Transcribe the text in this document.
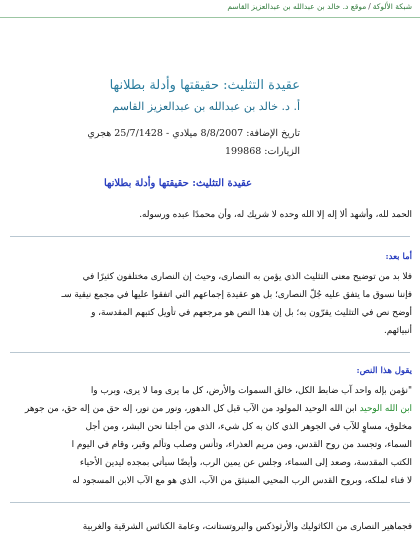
شبكة الألوكة/موقع د. خالد بن عبدالله بن عبدالعزيز القاسم
عقيدة التثليث: حقيقتها وأدلة بطلانها
أ. د. خالد بن عبدالله بن عبدالعزيز القاسم
تاريخ الإضافة: 8/8/2007 ميلادي - 25/7/1428 هجري
الزيارات: 199868
عقيدة التثليث: حقيقتها وأدلة بطلانها

الحمد لله، وأشهد ألا إله إلا الله وحده لا شريك له، وأن محمدًا عبده ورسوله.

أما بعد:

فلا بد من توضيح معنى التثليث الذي يؤمن به النصارى، وحيث إن النصارى مختلفون كثيرًا في

فإننا نسوق ما يتفق عليه جُلّ النصارى؛ بل هو عقيدة إجماعهم التي اتفقوا عليها في مجمع نيقية سـ

أوضح نص في التثليث يقرّون به؛ بل إن هذا النص هو مرجعهم في تأويل كتبهم المقدسة، و

أنبيائهم.

يقول هذا النص:

"نؤمن بإله واحد آب ضابط الكل، خالق السموات والأرض، كل ما يرى وما لا يرى، وبرب وا

ابن الله الوحيد ابن الله الوحيد المولود من الآب قبل كل الدهور، ونور من نور، إله حق من إله حق، من جوهر

مخلوق، مساوٍ للآب في الجوهر الذي كان به كل شيء، الذي من أجلنا نحن البشر، ومن أجل

السماء، وتجسد من روح القدس، ومن مريم العذراء، وتأنس وصلب وتألم وقبر، وقام في اليوم ا

الكتب المقدسة، وصعد إلى السماء، وجلس عن يمين الرب، وأيضًا سيأتي بمجده ليدين الأحياء

لا فناء لملكه، وبروح القدس الرب المحيي المنبثق من الآب، الذي هو مع الآب الابن المسجود له

فجماهير النصارى من الكاثوليك والأرثوذكس والبروتستانت، وعامة الكنائس الشرقية والغربية
